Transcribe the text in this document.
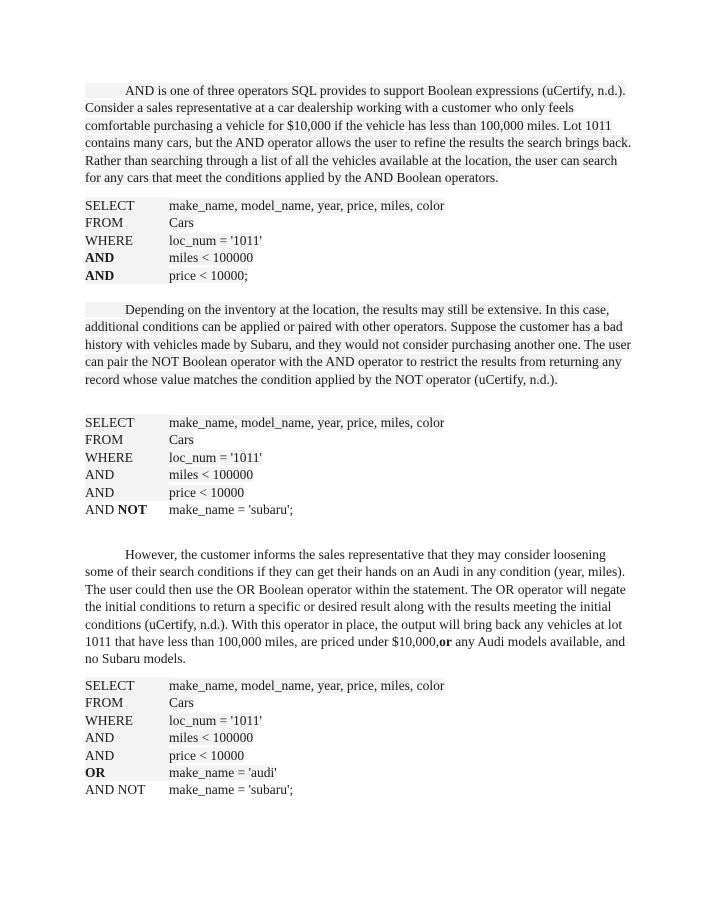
AND is one of three operators SQL provides to support Boolean expressions (uCertify, n.d.). Consider a sales representative at a car dealership working with a customer who only feels comfortable purchasing a vehicle for $10,000 if the vehicle has less than 100,000 miles. Lot 1011 contains many cars, but the AND operator allows the user to refine the results the search brings back. Rather than searching through a list of all the vehicles available at the location, the user can search for any cars that meet the conditions applied by the AND Boolean operators.

SELECT	make_name, model_name, year, price, miles, color
FROM	Cars
WHERE	loc_num = '1011'
AND	miles < 100000
AND	price < 10000;

Depending on the inventory at the location, the results may still be extensive. In this case, additional conditions can be applied or paired with other operators. Suppose the customer has a bad history with vehicles made by Subaru, and they would not consider purchasing another one. The user can pair the NOT Boolean operator with the AND operator to restrict the results from returning any record whose value matches the condition applied by the NOT operator (uCertify, n.d.).

SELECT	make_name, model_name, year, price, miles, color
FROM	Cars
WHERE	loc_num = '1011'
AND	miles < 100000
AND	price < 10000
AND NOT make_name = 'subaru';

However, the customer informs the sales representative that they may consider loosening some of their search conditions if they can get their hands on an Audi in any condition (year, miles). The user could then use the OR Boolean operator within the statement. The OR operator will negate the initial conditions to return a specific or desired result along with the results meeting the initial conditions (uCertify, n.d.). With this operator in place, the output will bring back any vehicles at lot 1011 that have less than 100,000 miles, are priced under $10,000,or any Audi models available, and no Subaru models.

SELECT	make_name, model_name, year, price, miles, color
FROM	Cars
WHERE	loc_num = '1011'
AND	miles < 100000
AND	price < 10000
OR	make_name = 'audi'
AND NOT make_name = 'subaru';
